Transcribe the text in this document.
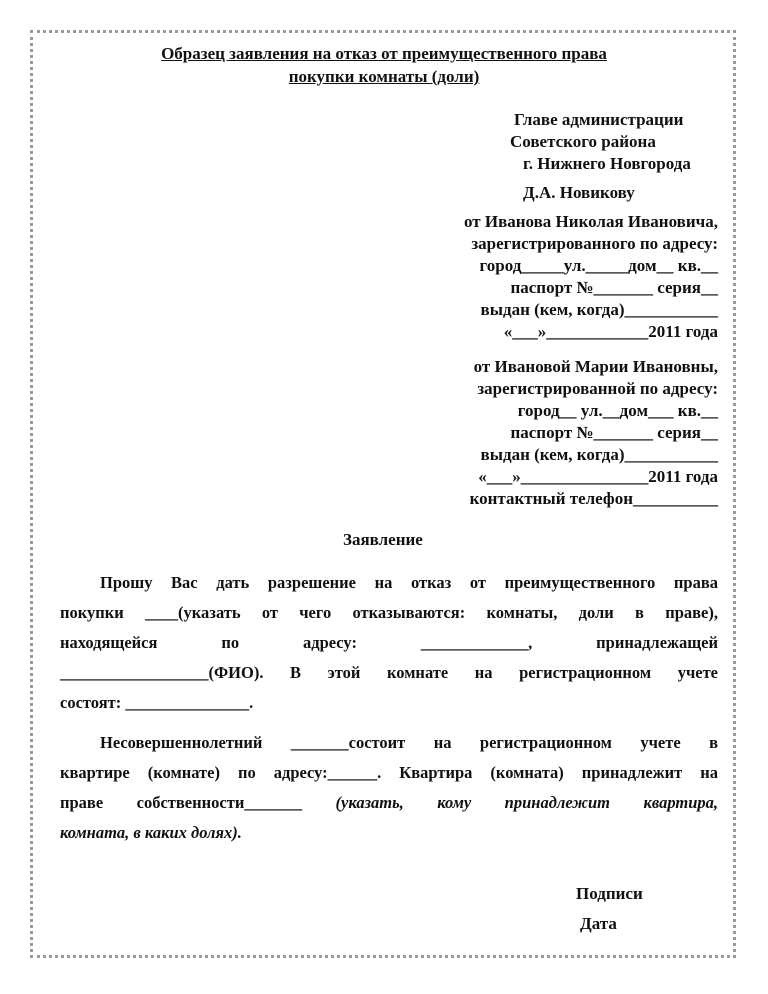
Образец заявления на отказ от преимущественного права
покупки комнаты (доли)
Главе администрации
Советского района
г. Нижнего Новгорода
Д.А. Новикову
от Иванова Николая Ивановича,
зарегистрированного по адресу:
город_____ул._____дом__ кв.__
паспорт №_______ серия__
выдан (кем, когда)___________
«___»____________2011 года
от Ивановой Марии Ивановны,
зарегистрированной по адресу:
город__ ул.__дом___ кв.__
паспорт №_______ серия__
выдан (кем, когда)___________
«___»_______________2011 года
контактный телефон__________
Заявление
Прошу Вас дать разрешение на отказ от преимущественного права
покупки ____(указать от чего отказываются: комнаты, доли в праве),
находящейся по адресу: _____________, принадлежащей
__________________(ФИО). В этой комнате на регистрационном учете
состоят: _______________.
Несовершеннолетний _______состоит на регистрационном учете в
квартире (комнате) по адресу:______. Квартира (комната) принадлежит на
праве собственности_______ (указать, кому принадлежит квартира,
комната, в каких долях).
Подписи
Дата
